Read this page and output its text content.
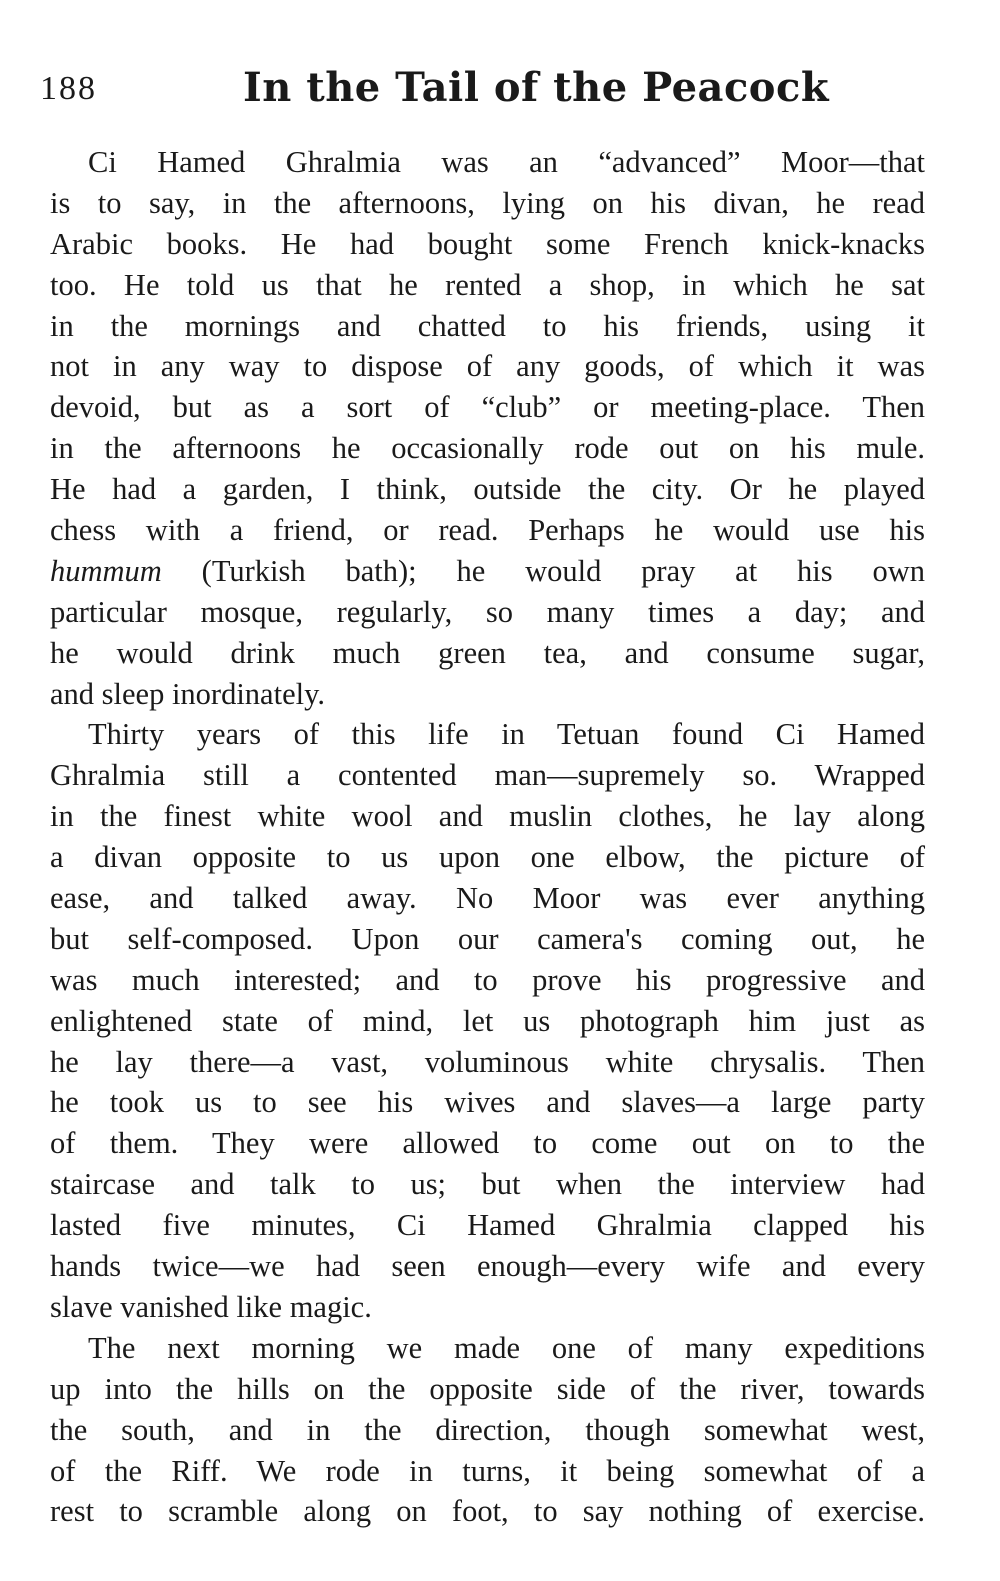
188	In the Tail of the Peacock
Ci Hamed Ghralmia was an “advanced” Moor—that
is to say, in the afternoons, lying on his divan, he read
Arabic books. He had bought some French knick-knacks
too. He told us that he rented a shop, in which he sat
in the mornings and chatted to his friends, using it
not in any way to dispose of any goods, of which it was
devoid, but as a sort of “club” or meeting-place. Then
in the afternoons he occasionally rode out on his mule.
He had a garden, I think, outside the city. Or he played
chess with a friend, or read. Perhaps he would use his
hummum (Turkish bath); he would pray at his own
particular mosque, regularly, so many times a day; and
he would drink much green tea, and consume sugar,
and sleep inordinately.
Thirty years of this life in Tetuan found Ci Hamed
Ghralmia still a contented man—supremely so. Wrapped
in the finest white wool and muslin clothes, he lay along
a divan opposite to us upon one elbow, the picture of
ease, and talked away. No Moor was ever anything
but self-composed. Upon our camera's coming out, he
was much interested; and to prove his progressive and
enlightened state of mind, let us photograph him just as
he lay there—a vast, voluminous white chrysalis. Then
he took us to see his wives and slaves—a large party
of them. They were allowed to come out on to the
staircase and talk to us; but when the interview had
lasted five minutes, Ci Hamed Ghralmia clapped his
hands twice—we had seen enough—every wife and every
slave vanished like magic.
The next morning we made one of many expeditions
up into the hills on the opposite side of the river, towards
the south, and in the direction, though somewhat west,
of the Riff. We rode in turns, it being somewhat of a
rest to scramble along on foot, to say nothing of exercise.
